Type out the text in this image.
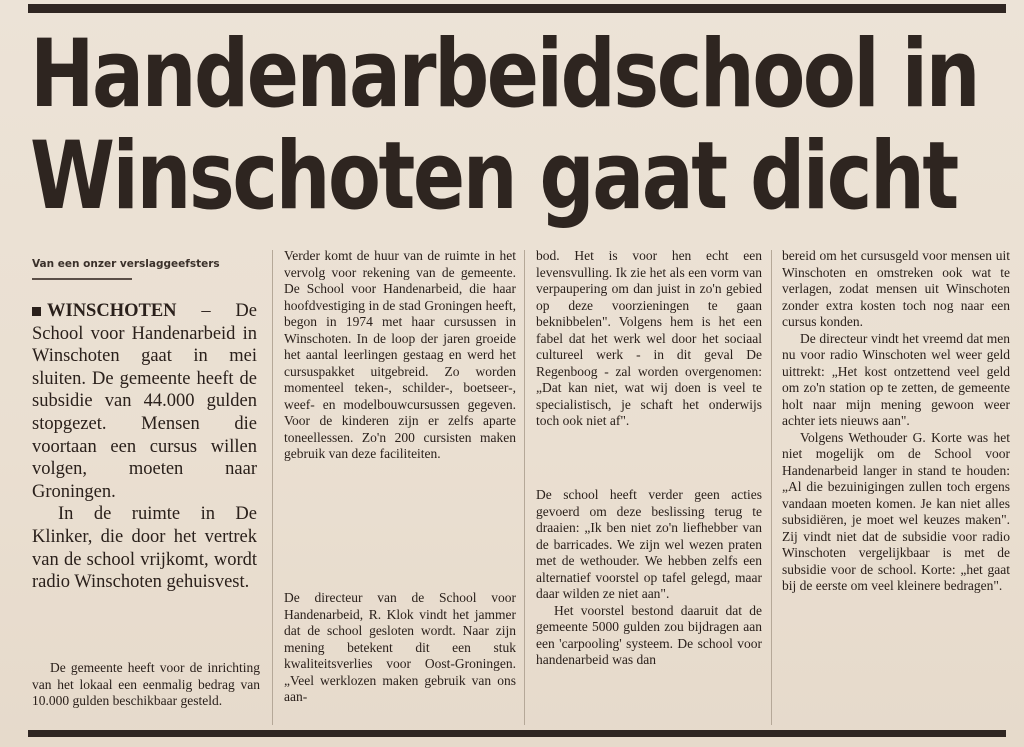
Handenarbeidschool in
Winschoten gaat dicht
Van een onzer verslaggeefsters

WINSCHOTEN – De School voor Handenarbeid in Winschoten gaat in mei sluiten. De gemeente heeft de subsidie van 44.000 gulden stopgezet. Mensen die voortaan een cursus willen volgen, moeten naar Groningen.

In de ruimte in De Klinker, die door het vertrek van de school vrijkomt, wordt radio Winschoten gehuisvest.

De gemeente heeft voor de inrichting van het lokaal een eenmalig bedrag van 10.000 gulden beschikbaar gesteld.

Verder komt de huur van de ruimte in het vervolg voor rekening van de gemeente. De School voor Handenarbeid, die haar hoofdvestiging in de stad Groningen heeft, begon in 1974 met haar cursussen in Winschoten. In de loop der jaren groeide het aantal leerlingen gestaag en werd het cursuspakket uitgebreid. Zo worden momenteel teken-, schilder-, boetseer-, weef- en modelbouwcursussen gegeven. Voor de kinderen zijn er zelfs aparte toneellessen. Zo'n 200 cursisten maken gebruik van deze faciliteiten.

De directeur van de School voor Handenarbeid, R. Klok vindt het jammer dat de school gesloten wordt. Naar zijn mening betekent dit een stuk kwaliteitsverlies voor Oost-Groningen. „Veel werklozen maken gebruik van ons aan-

bod. Het is voor hen echt een levensvulling. Ik zie het als een vorm van verpaupering om dan juist in zo'n gebied op deze voorzieningen te gaan beknibbelen". Volgens hem is het een fabel dat het werk wel door het sociaal cultureel werk - in dit geval De Regenboog - zal worden overgenomen: „Dat kan niet, wat wij doen is veel te specialistisch, je schaft het onderwijs toch ook niet af".

De school heeft verder geen acties gevoerd om deze beslissing terug te draaien: „Ik ben niet zo'n liefhebber van de barricades. We zijn wel wezen praten met de wethouder. We hebben zelfs een alternatief voorstel op tafel gelegd, maar daar wilden ze niet aan".

Het voorstel bestond daaruit dat de gemeente 5000 gulden zou bijdragen aan een 'carpooling' systeem. De school voor handenarbeid was dan

bereid om het cursusgeld voor mensen uit Winschoten en omstreken ook wat te verlagen, zodat mensen uit Winschoten zonder extra kosten toch nog naar een cursus konden.

De directeur vindt het vreemd dat men nu voor radio Winschoten wel weer geld uittrekt: „Het kost ontzettend veel geld om zo'n station op te zetten, de gemeente holt naar mijn mening gewoon weer achter iets nieuws aan".

Volgens Wethouder G. Korte was het niet mogelijk om de School voor Handenarbeid langer in stand te houden: „Al die bezuinigingen zullen toch ergens vandaan moeten komen. Je kan niet alles subsidiëren, je moet wel keuzes maken". Zij vindt niet dat de subsidie voor radio Winschoten vergelijkbaar is met de subsidie voor de school. Korte: „het gaat bij de eerste om veel kleinere bedragen".
